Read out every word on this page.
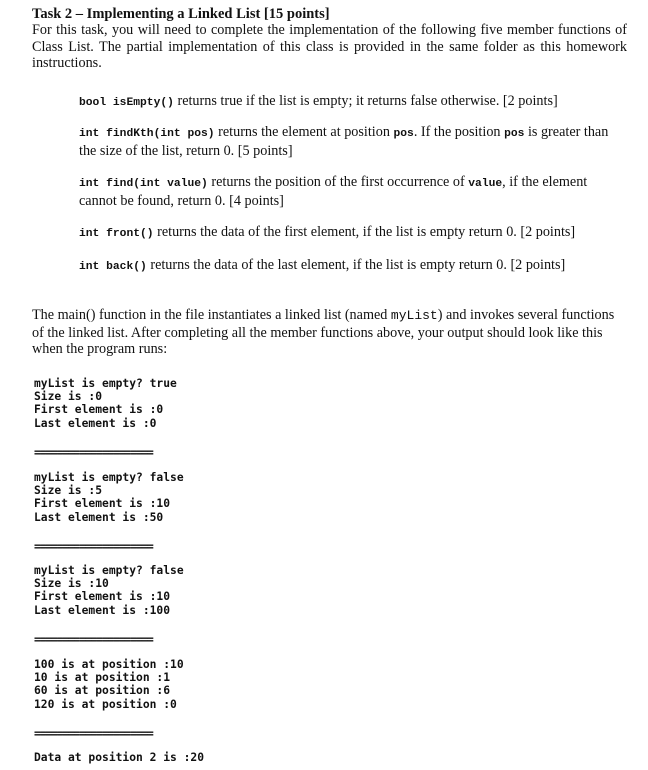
Task 2 – Implementing a Linked List [15 points]
For this task, you will need to complete the implementation of the following five member functions of Class List. The partial implementation of this class is provided in the same folder as this homework instructions.
bool isEmpty() returns true if the list is empty; it returns false otherwise. [2 points]
int findKth(int pos) returns the element at position pos. If the position pos is greater than the size of the list, return 0. [5 points]
int find(int value) returns the position of the first occurrence of value, if the element cannot be found, return 0. [4 points]
int front() returns the data of the first element, if the list is empty return 0. [2 points]
int back() returns the data of the last element, if the list is empty return 0. [2 points]
The main() function in the file instantiates a linked list (named myList) and invokes several functions of the linked list. After completing all the member functions above, your output should look like this when the program runs:
myList is empty? true
Size is :0
First element is :0
Last element is :0
=====================
myList is empty? false
Size is :5
First element is :10
Last element is :50
=====================
myList is empty? false
Size is :10
First element is :10
Last element is :100
=====================
100 is at position :10
10 is at position :1
60 is at position :6
120 is at position :0
=====================
Data at position 2 is :20
